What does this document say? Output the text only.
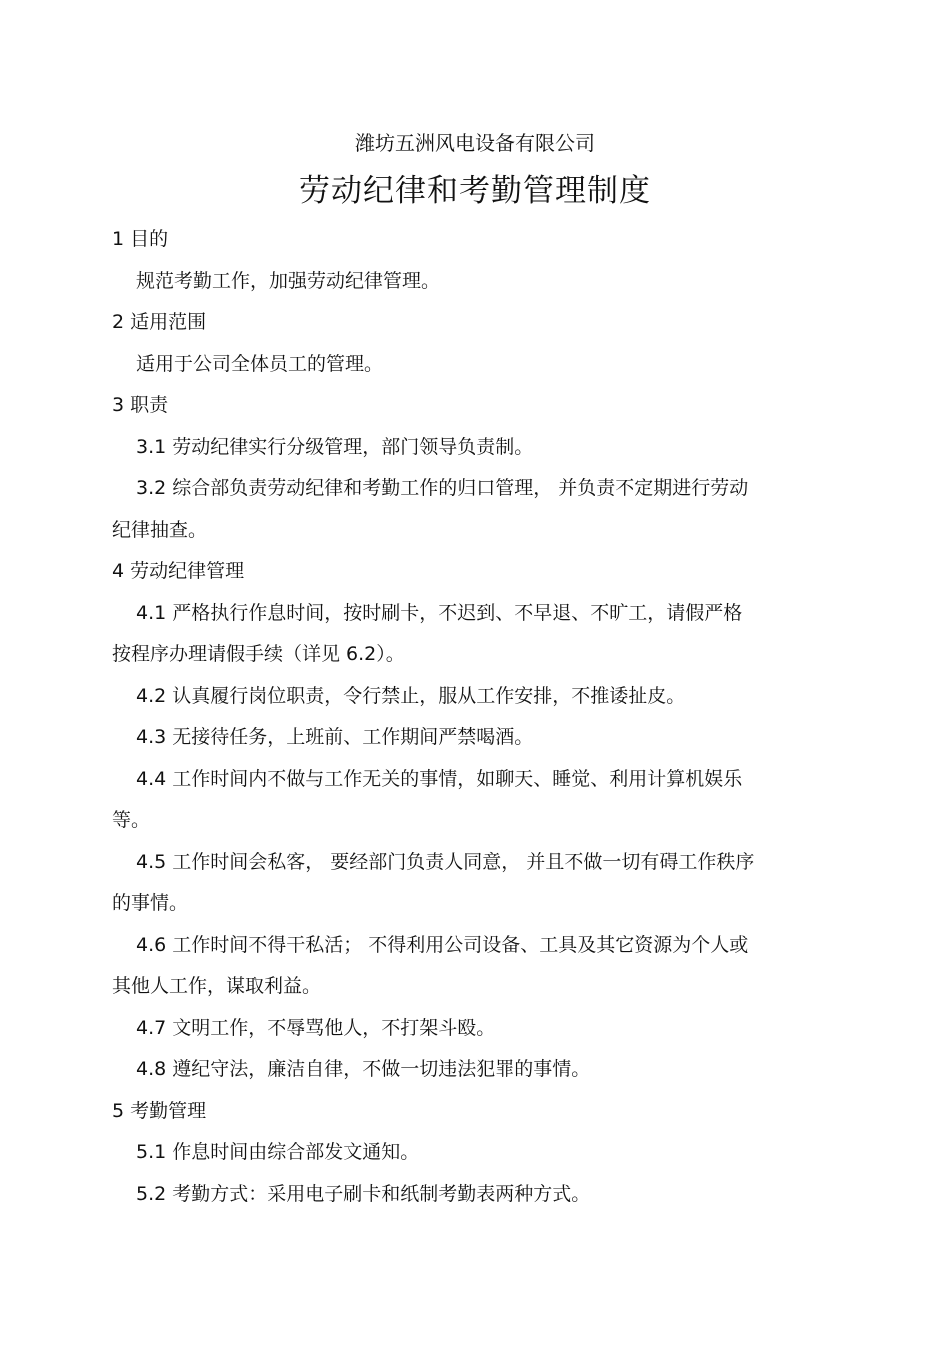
潍坊五洲风电设备有限公司
劳动纪律和考勤管理制度
1 目的
规范考勤工作，加强劳动纪律管理。
2 适用范围
适用于公司全体员工的管理。
3 职责
3.1 劳动纪律实行分级管理，部门领导负责制。
3.2 综合部负责劳动纪律和考勤工作的归口管理， 并负责不定期进行劳动
纪律抽查。
4 劳动纪律管理
4.1 严格执行作息时间，按时刷卡，不迟到、不早退、不旷工，请假严格
按程序办理请假手续（详见 6.2）。
4.2 认真履行岗位职责，令行禁止，服从工作安排，不推诿扯皮。
4.3 无接待任务，上班前、工作期间严禁喝酒。
4.4 工作时间内不做与工作无关的事情，如聊天、睡觉、利用计算机娱乐
等。
4.5 工作时间会私客， 要经部门负责人同意， 并且不做一切有碍工作秩序
的事情。
4.6 工作时间不得干私活； 不得利用公司设备、工具及其它资源为个人或
其他人工作，谋取利益。
4.7 文明工作，不辱骂他人，不打架斗殴。
4.8 遵纪守法，廉洁自律，不做一切违法犯罪的事情。
5 考勤管理
5.1 作息时间由综合部发文通知。
5.2 考勤方式：采用电子刷卡和纸制考勤表两种方式。
